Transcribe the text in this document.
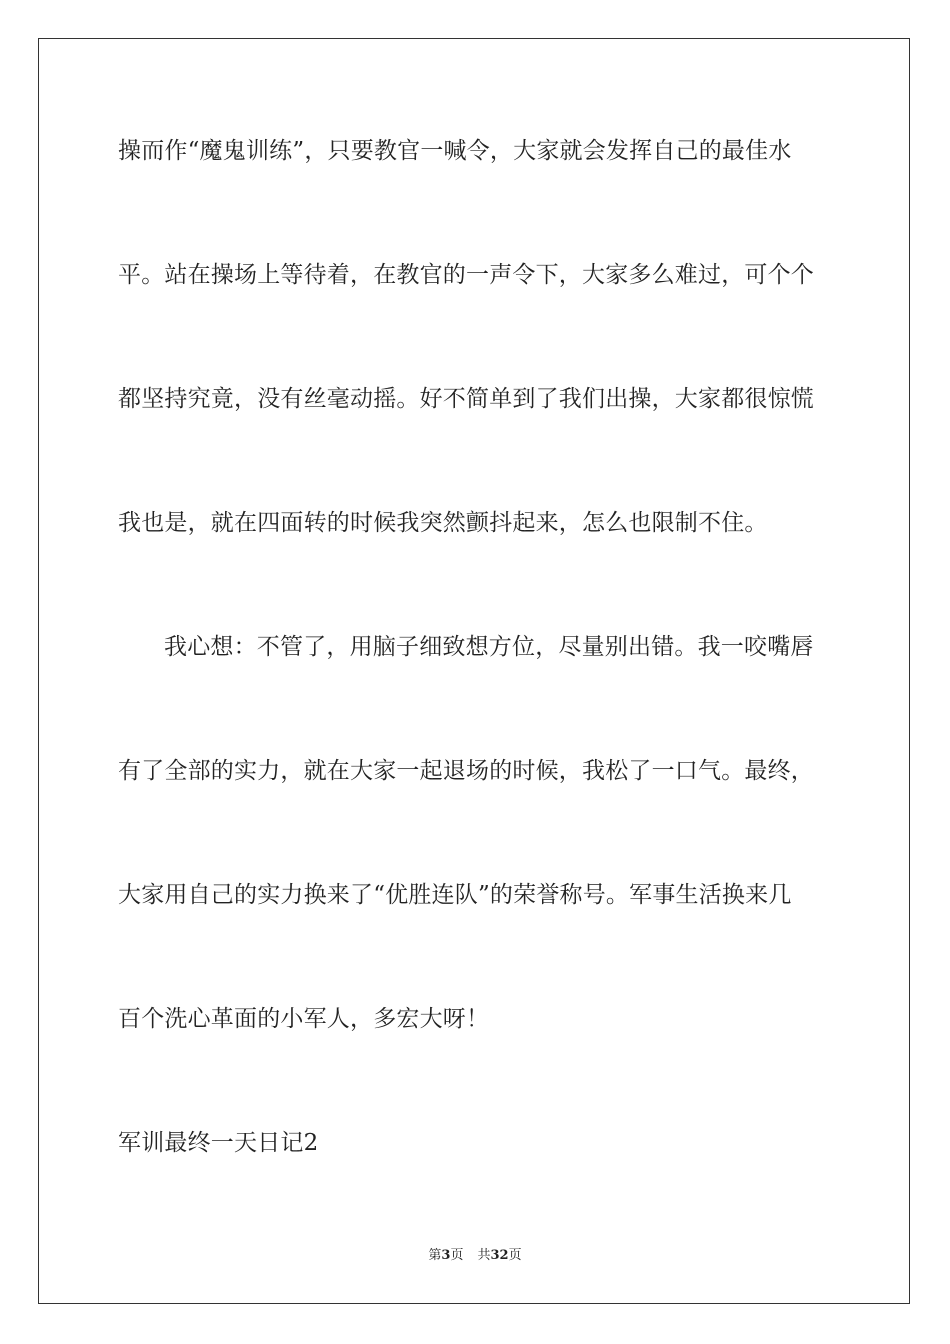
操而作“魔鬼训练”，只要教官一喊令，大家就会发挥自己的最佳水
平。站在操场上等待着，在教官的一声令下，大家多么难过，可个个
都坚持究竟，没有丝毫动摇。好不简单到了我们出操，大家都很惊慌
我也是，就在四面转的时候我突然颤抖起来，怎么也限制不住。
我心想：不管了，用脑子细致想方位，尽量别出错。我一咬嘴唇
有了全部的实力，就在大家一起退场的时候，我松了一口气。最终，
大家用自己的实力换来了“优胜连队”的荣誉称号。军事生活换来几
百个洗心革面的小军人，多宏大呀！
军训最终一天日记2
第3页 共32页
